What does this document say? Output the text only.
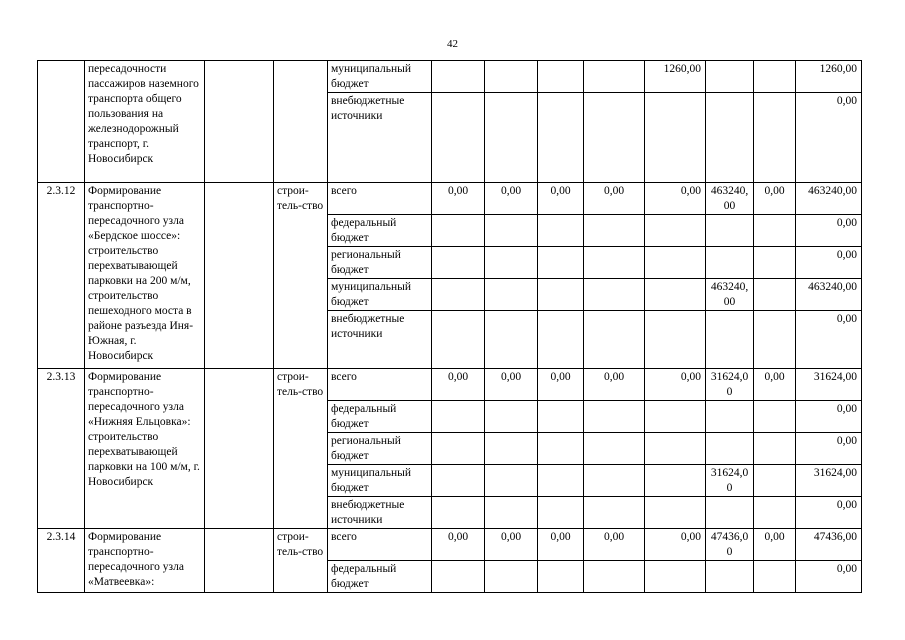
42
	пересадочности пассажиров наземного транспорта общего пользования на железнодорожный транспорт, г. Новосибирск			муниципальный бюджет					1260,00			1260,00
				внебюджетные источники								0,00
2.3.12	Формирование транспортно-пересадочного узла «Бердское шоссе»: строительство перехватывающей парковки на 200 м/м, строительство пешеходного моста в районе разъезда Иня-Южная, г. Новосибирск		строи-тель-ство	всего	0,00	0,00	0,00	0,00	0,00	463240,00	0,00	463240,00
				федеральный бюджет								0,00
				региональный бюджет								0,00
				муниципальный бюджет						463240,00		463240,00
				внебюджетные источники								0,00
2.3.13	Формирование транспортно-пересадочного узла «Нижняя Ельцовка»: строительство перехватывающей парковки на 100 м/м, г. Новосибирск		строи-тель-ство	всего	0,00	0,00	0,00	0,00	0,00	31624,00	0,00	31624,00
				федеральный бюджет								0,00
				региональный бюджет								0,00
				муниципальный бюджет						31624,00		31624,00
				внебюджетные источники								0,00
2.3.14	Формирование транспортно-пересадочного узла «Матвеевка»:		строи-тель-ство	всего	0,00	0,00	0,00	0,00	0,00	47436,00	0,00	47436,00
				федеральный бюджет								0,00
